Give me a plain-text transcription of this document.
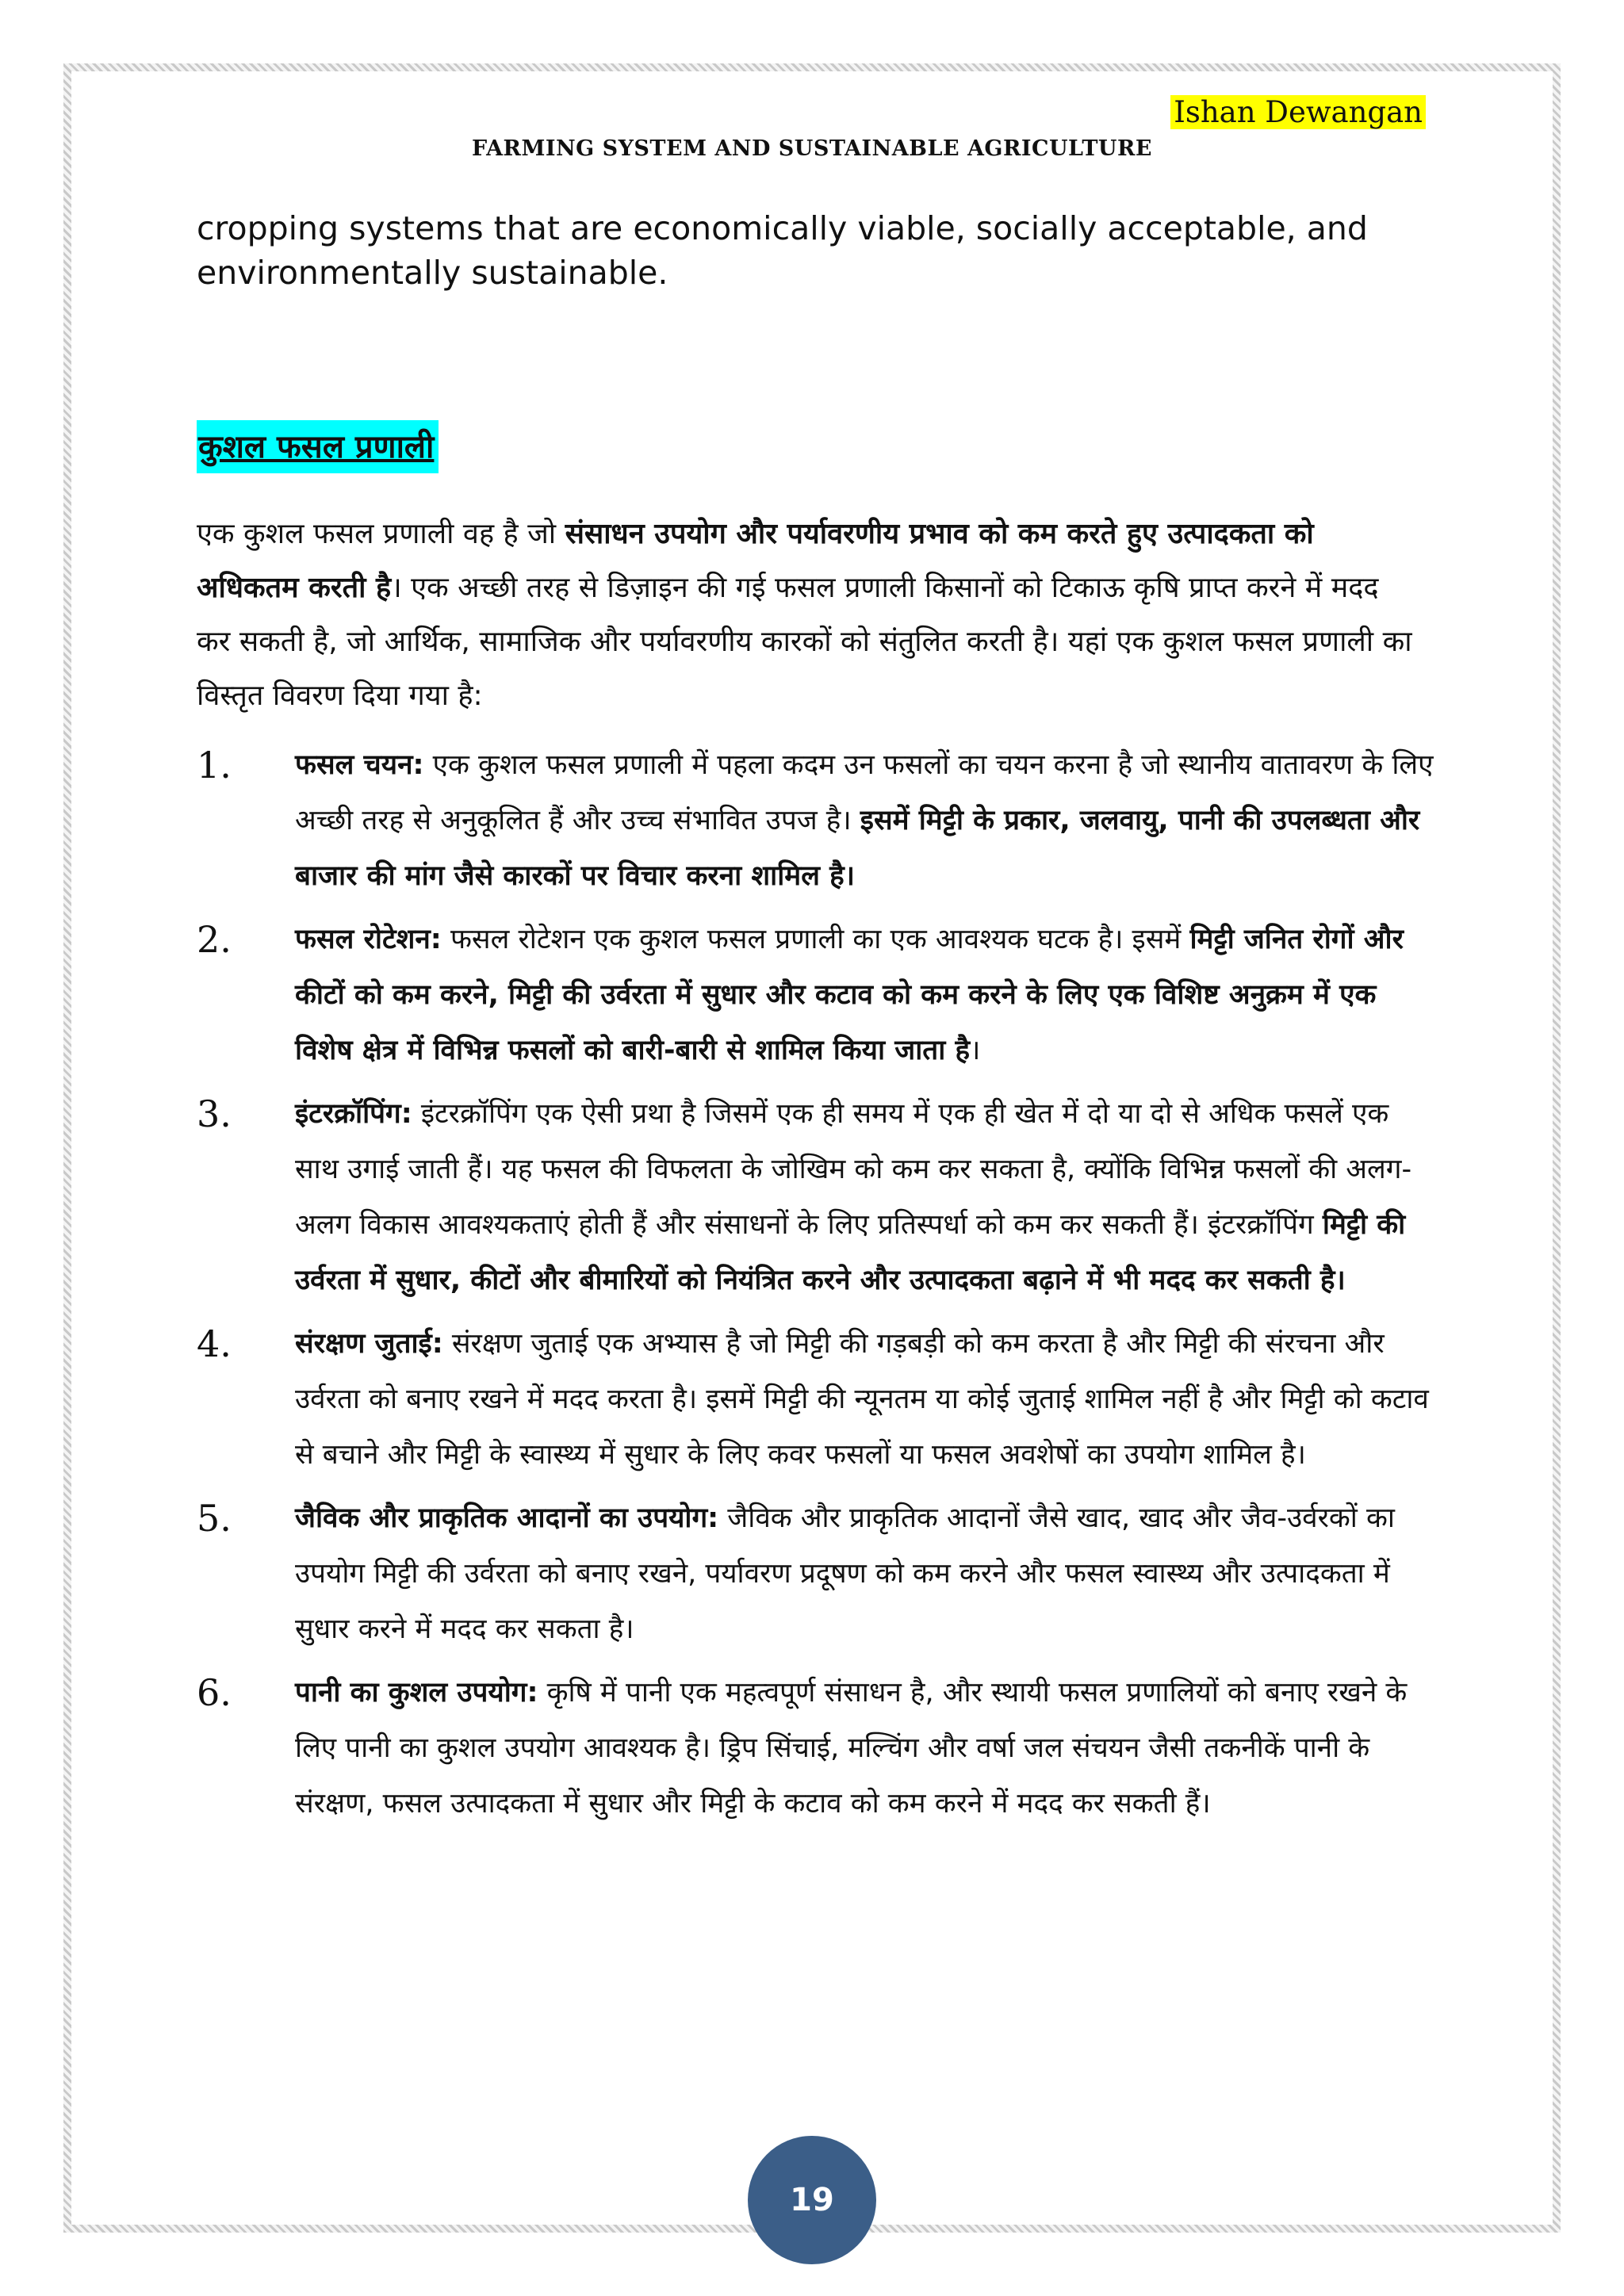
Ishan Dewangan
FARMING SYSTEM AND SUSTAINABLE AGRICULTURE
cropping systems that are economically viable, socially acceptable, and environmentally sustainable.
कुशल फसल प्रणाली
एक कुशल फसल प्रणाली वह है जो संसाधन उपयोग और पर्यावरणीय प्रभाव को कम करते हुए उत्पादकता को अधिकतम करती है। एक अच्छी तरह से डिज़ाइन की गई फसल प्रणाली किसानों को टिकाऊ कृषि प्राप्त करने में मदद कर सकती है, जो आर्थिक, सामाजिक और पर्यावरणीय कारकों को संतुलित करती है। यहां एक कुशल फसल प्रणाली का विस्तृत विवरण दिया गया है:
1.	फसल चयन: एक कुशल फसल प्रणाली में पहला कदम उन फसलों का चयन करना है जो स्थानीय वातावरण के लिए अच्छी तरह से अनुकूलित हैं और उच्च संभावित उपज है। इसमें मिट्टी के प्रकार, जलवायु, पानी की उपलब्धता और बाजार की मांग जैसे कारकों पर विचार करना शामिल है।
2.	फसल रोटेशन: फसल रोटेशन एक कुशल फसल प्रणाली का एक आवश्यक घटक है। इसमें मिट्टी जनित रोगों और कीटों को कम करने, मिट्टी की उर्वरता में सुधार और कटाव को कम करने के लिए एक विशिष्ट अनुक्रम में एक विशेष क्षेत्र में विभिन्न फसलों को बारी-बारी से शामिल किया जाता है।
3.	इंटरक्रॉपिंग: इंटरक्रॉपिंग एक ऐसी प्रथा है जिसमें एक ही समय में एक ही खेत में दो या दो से अधिक फसलें एक साथ उगाई जाती हैं। यह फसल की विफलता के जोखिम को कम कर सकता है, क्योंकि विभिन्न फसलों की अलग-अलग विकास आवश्यकताएं होती हैं और संसाधनों के लिए प्रतिस्पर्धा को कम कर सकती हैं। इंटरक्रॉपिंग मिट्टी की उर्वरता में सुधार, कीटों और बीमारियों को नियंत्रित करने और उत्पादकता बढ़ाने में भी मदद कर सकती है।
4.	संरक्षण जुताई: संरक्षण जुताई एक अभ्यास है जो मिट्टी की गड़बड़ी को कम करता है और मिट्टी की संरचना और उर्वरता को बनाए रखने में मदद करता है। इसमें मिट्टी की न्यूनतम या कोई जुताई शामिल नहीं है और मिट्टी को कटाव से बचाने और मिट्टी के स्वास्थ्य में सुधार के लिए कवर फसलों या फसल अवशेषों का उपयोग शामिल है।
5.	जैविक और प्राकृतिक आदानों का उपयोग: जैविक और प्राकृतिक आदानों जैसे खाद, खाद और जैव-उर्वरकों का उपयोग मिट्टी की उर्वरता को बनाए रखने, पर्यावरण प्रदूषण को कम करने और फसल स्वास्थ्य और उत्पादकता में सुधार करने में मदद कर सकता है।
6.	पानी का कुशल उपयोग: कृषि में पानी एक महत्वपूर्ण संसाधन है, और स्थायी फसल प्रणालियों को बनाए रखने के लिए पानी का कुशल उपयोग आवश्यक है। ड्रिप सिंचाई, मल्चिंग और वर्षा जल संचयन जैसी तकनीकें पानी के संरक्षण, फसल उत्पादकता में सुधार और मिट्टी के कटाव को कम करने में मदद कर सकती हैं।
19
